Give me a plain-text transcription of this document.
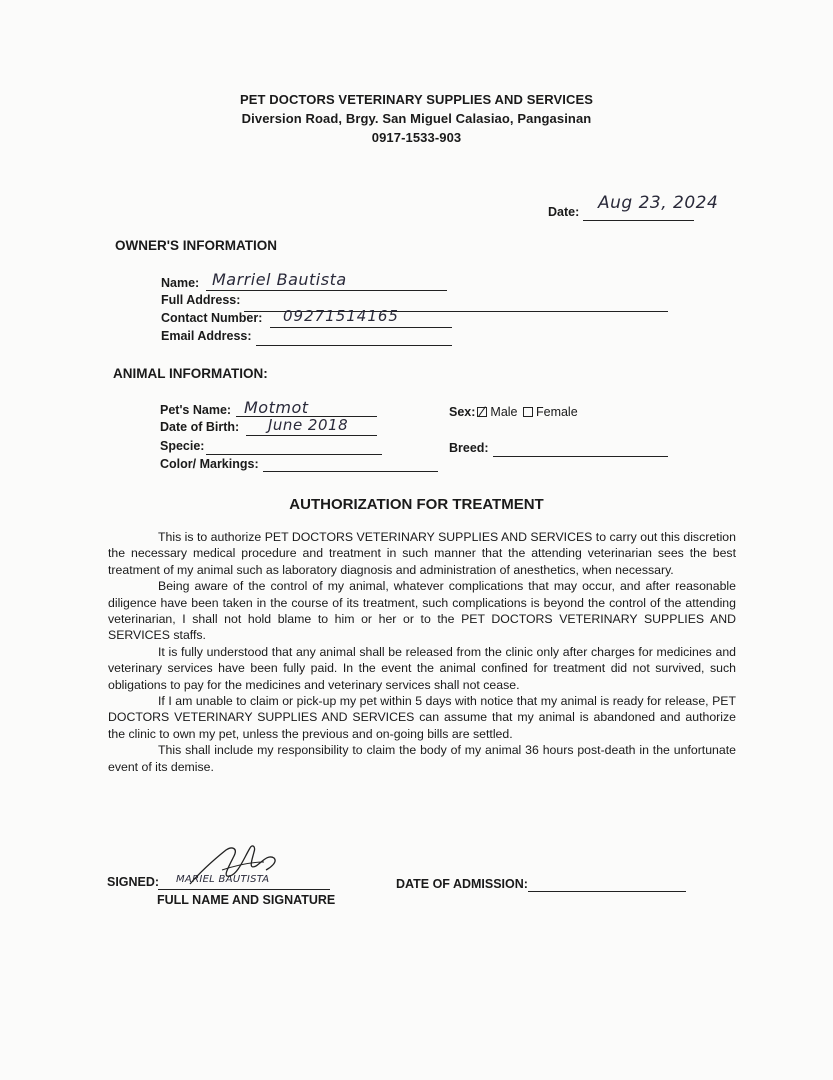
PET DOCTORS VETERINARY SUPPLIES AND SERVICES
Diversion Road, Brgy. San Miguel Calasiao, Pangasinan
0917-1533-903
Date: Aug 23, 2024
OWNER'S INFORMATION
Name: Marriel Bautista
Full Address:
Contact Number: 09271514165
Email Address:
ANIMAL INFORMATION:
Pet's Name: Motmot
Date of Birth: June 2018
Specie:
Color/ Markings:
Sex: Male Female
Breed:
AUTHORIZATION FOR TREATMENT

This is to authorize PET DOCTORS VETERINARY SUPPLIES AND SERVICES to carry out this discretion the necessary medical procedure and treatment in such manner that the attending veterinarian sees the best treatment of my animal such as laboratory diagnosis and administration of anesthetics, when necessary.

Being aware of the control of my animal, whatever complications that may occur, and after reasonable diligence have been taken in the course of its treatment, such complications is beyond the control of the attending veterinarian, I shall not hold blame to him or her or to the PET DOCTORS VETERINARY SUPPLIES AND SERVICES staffs.

It is fully understood that any animal shall be released from the clinic only after charges for medicines and veterinary services have been fully paid. In the event the animal confined for treatment did not survived, such obligations to pay for the medicines and veterinary services shall not cease.

If I am unable to claim or pick-up my pet within 5 days with notice that my animal is ready for release, PET DOCTORS VETERINARY SUPPLIES AND SERVICES can assume that my animal is abandoned and authorize the clinic to own my pet, unless the previous and on-going bills are settled.

This shall include my responsibility to claim the body of my animal 36 hours post-death in the unfortunate event of its demise.

SIGNED: MARIEL BAUTISTA
FULL NAME AND SIGNATURE
DATE OF ADMISSION:
